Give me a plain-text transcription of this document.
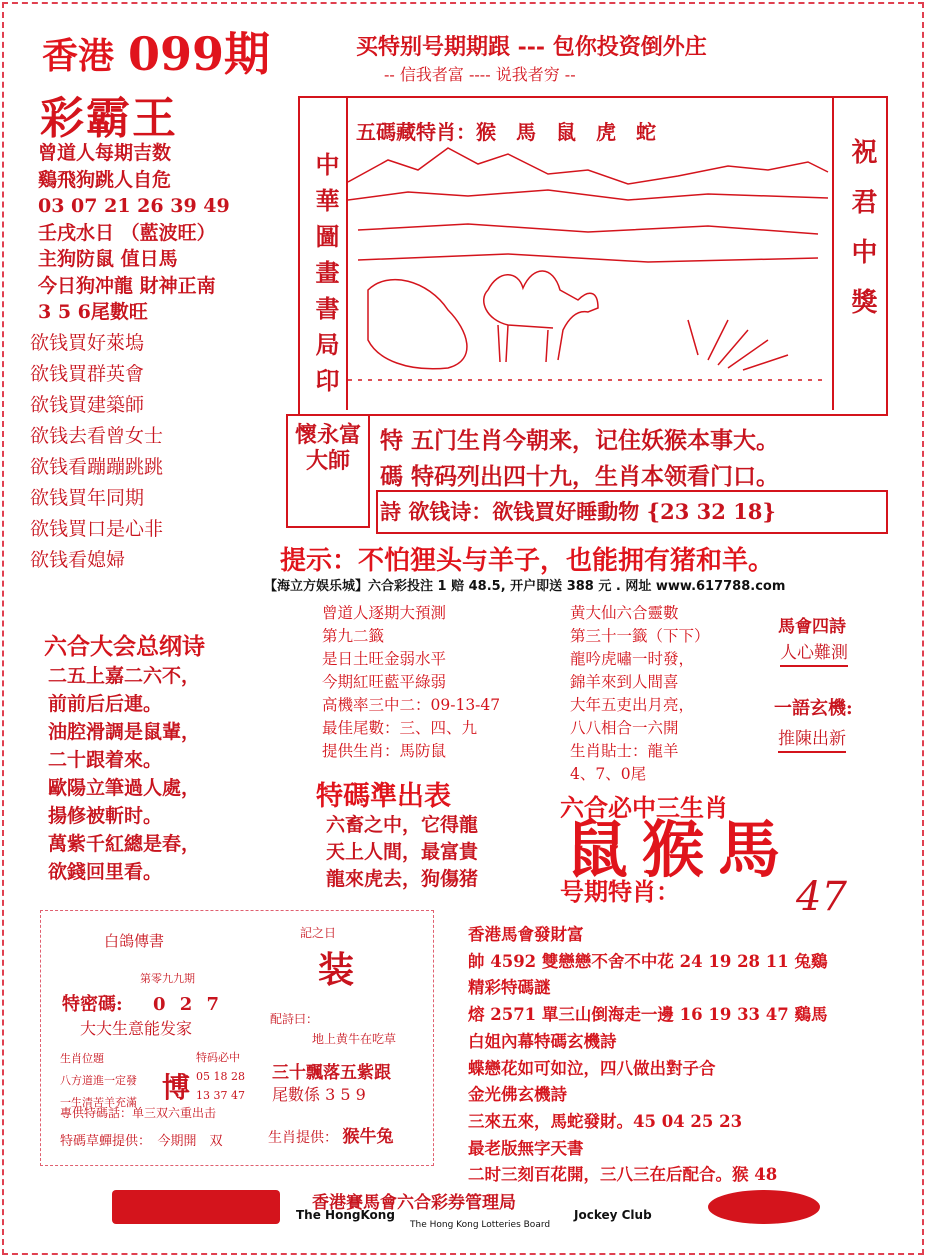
香港 099期	买特别号期期跟 --- 包你投资倒外庄
-- 信我者富 ---- 说我者穷 --
彩霸王
曾道人每期吉数
鷄飛狗跳人自危
03 07 21 26 39 49
壬戌水日 （藍波旺）
主狗防鼠 值日馬
今日狗冲龍 財神正南
3 5 6尾數旺
欲钱買好萊塢
欲钱買群英會
欲钱買建築師
欲钱去看曾女士
欲钱看蹦蹦跳跳
欲钱買年同期
欲钱買口是心非
欲钱看媳婦
中華圖畫書局印	祝君中獎
五碼藏特肖：猴　馬　鼠　虎　蛇
懷永富大師
特 五门生肖今朝来，记住妖猴本事大。
碼 特码列出四十九，生肖本领看门口。
詩 欲钱诗：欲钱買好睡動物 {23 32 18}
提示：不怕狸头与羊子，也能拥有猪和羊。
【海立方娱乐城】六合彩投注 1 赔 48.5, 开户即送 388 元 . 网址 www.617788.com
六合大会总纲诗
二五上嘉二六不，
前前后后連。
油腔滑調是鼠輩，
二十跟着來。
歐陽立筆過人處，
揚修被斬时。
萬紫千紅總是春，
欲錢回里看。
曾道人逐期大預測
第九二籤
是日土旺金弱水平
今期紅旺藍平綠弱
高機率三中二：09-13-47
最佳尾數：三、四、九
提供生肖：馬防鼠
特碼準出表
六畜之中，它得龍
天上人間，最富貴
龍來虎去，狗傷猪
黄大仙六合靈數
第三十一籤（下下）
龍吟虎嘯一时發，
錦羊來到人間喜
大年五吏出月亮，
八八相合一六開
生肖貼士：龍羊
4、7、0尾
馬會四詩
人心難測
一語玄機:
推陳出新
六合必中三生肖
鼠猴馬
号期特肖：	47
白鴿傳書
第零九九期
特密碼: 0 2 7
大大生意能发家
生肖位題
八方道進一定發
一生清苦羊充滿 博
特码必中
05 18 28
13 37 47
專供特碼話：单三双六重出击
特碼草蟬提供：　今期開　双
記之日
装
配詩曰：
地上黄牛在吃草
三十飄落五紫跟
尾數係 3 5 9
生肖提供： 猴牛兔
香港馬會發財富
帥 4592 雙戀戀不舍不中花 24 19 28 11 兔鷄
精彩特碼謎
熔 2571 單三山倒海走一邊 16 19 33 47 鷄馬
白姐內幕特碼玄機詩
蝶戀花如可如泣，四八做出對子合
金光佛玄機詩
三來五來，馬蛇發財。45 04 25 23
最老版無字天書
二时三刻百花開，三八三在后配合。猴 48
香港賽馬會六合彩券管理局
The HongKong	Jockey Club
The Hong Kong Lotteries Board
